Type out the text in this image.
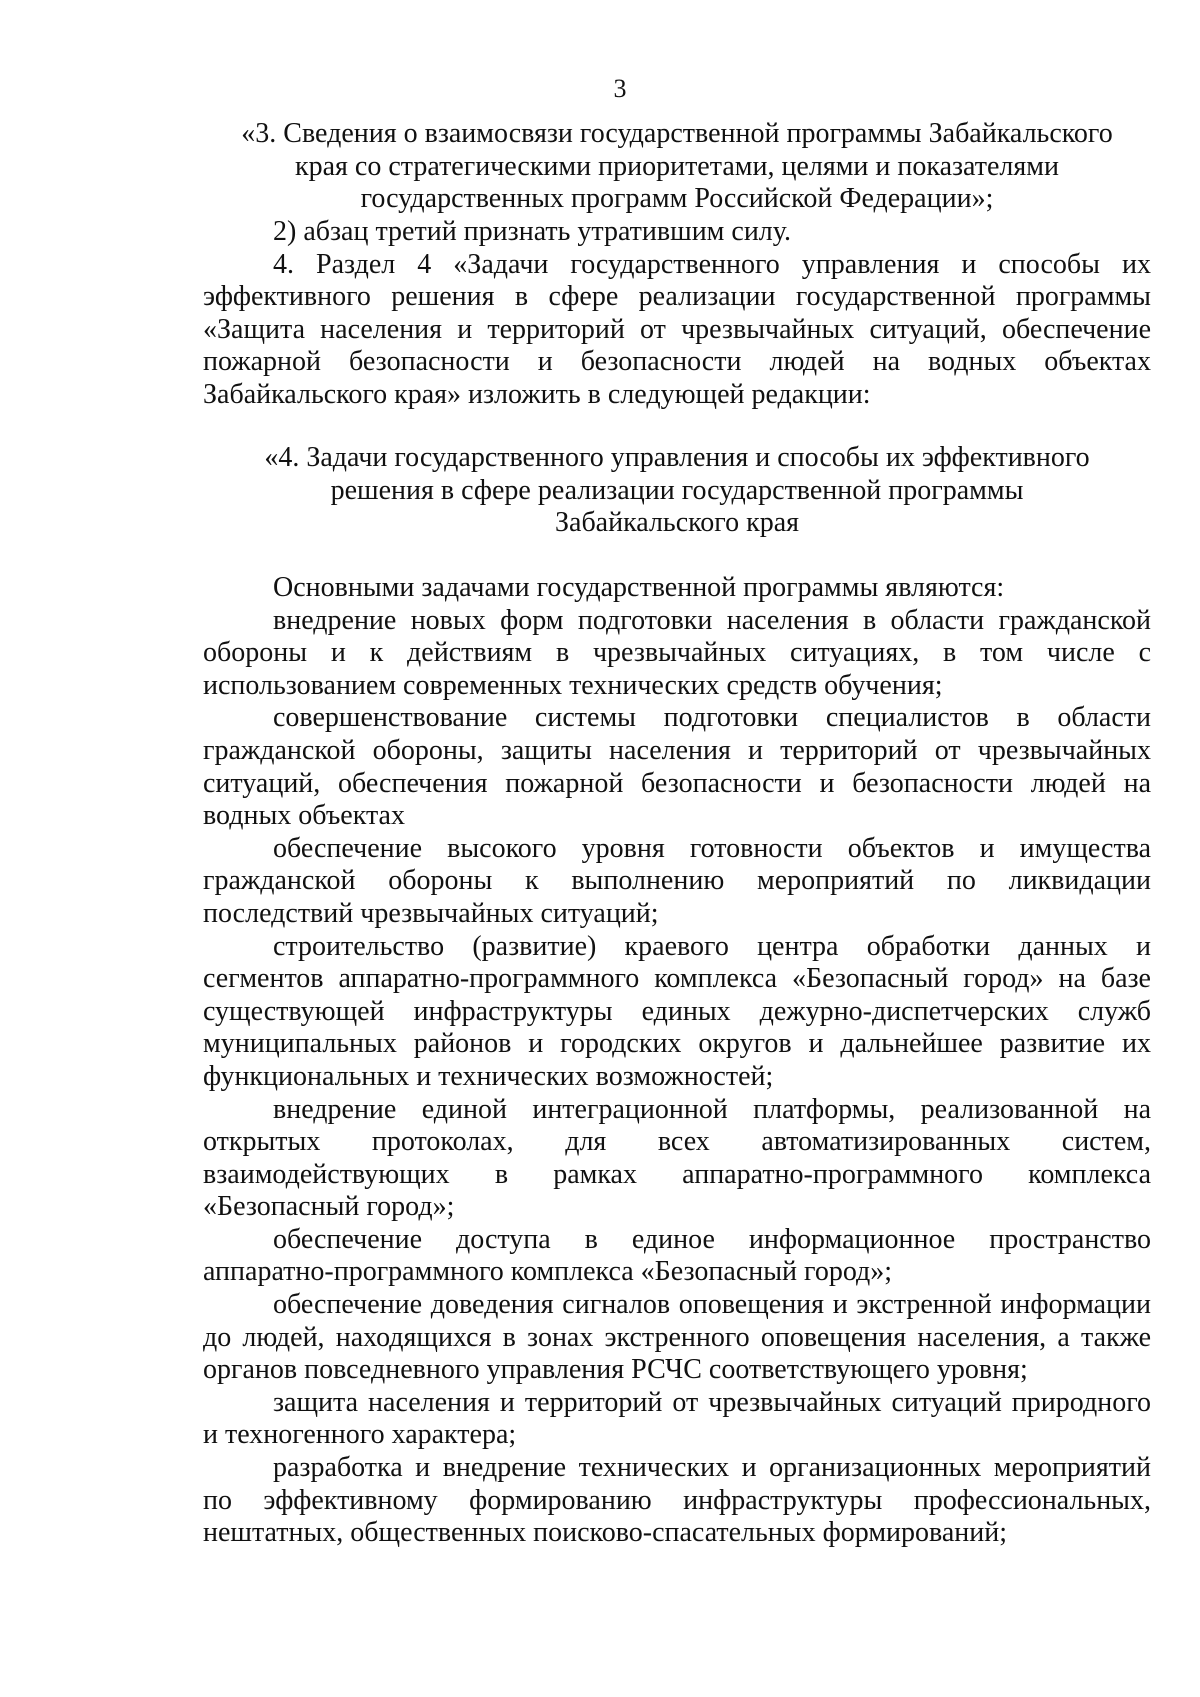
3
«3. Сведения о взаимосвязи государственной программы Забайкальского
края со стратегическими приоритетами, целями и показателями
государственных программ Российской Федерации»;

2) абзац третий признать утратившим силу.

4. Раздел 4 «Задачи государственного управления и способы их эффективного решения в сфере реализации государственной программы «Защита населения и территорий от чрезвычайных ситуаций, обеспечение пожарной безопасности и безопасности людей на водных объектах Забайкальского края» изложить в следующей редакции:

«4. Задачи государственного управления и способы их эффективного
решения в сфере реализации государственной программы
Забайкальского края

Основными задачами государственной программы являются:

внедрение новых форм подготовки населения в области гражданской обороны и к действиям в чрезвычайных ситуациях, в том числе с использованием современных технических средств обучения;

совершенствование системы подготовки специалистов в области гражданской обороны, защиты населения и территорий от чрезвычайных ситуаций, обеспечения пожарной безопасности и безопасности людей на водных объектах

обеспечение высокого уровня готовности объектов и имущества гражданской обороны к выполнению мероприятий по ликвидации последствий чрезвычайных ситуаций;

строительство (развитие) краевого центра обработки данных и сегментов аппаратно-программного комплекса «Безопасный город» на базе существующей инфраструктуры единых дежурно-диспетчерских служб муниципальных районов и городских округов и дальнейшее развитие их функциональных и технических возможностей;

внедрение единой интеграционной платформы, реализованной на открытых протоколах, для всех автоматизированных систем, взаимодействующих в рамках аппаратно-программного комплекса «Безопасный город»;

обеспечение доступа в единое информационное пространство аппаратно-программного комплекса «Безопасный город»;

обеспечение доведения сигналов оповещения и экстренной информации до людей, находящихся в зонах экстренного оповещения населения, а также органов повседневного управления РСЧС соответствующего уровня;

защита населения и территорий от чрезвычайных ситуаций природного и техногенного характера;

разработка и внедрение технических и организационных мероприятий по эффективному формированию инфраструктуры профессиональных, нештатных, общественных поисково-спасательных формирований;
